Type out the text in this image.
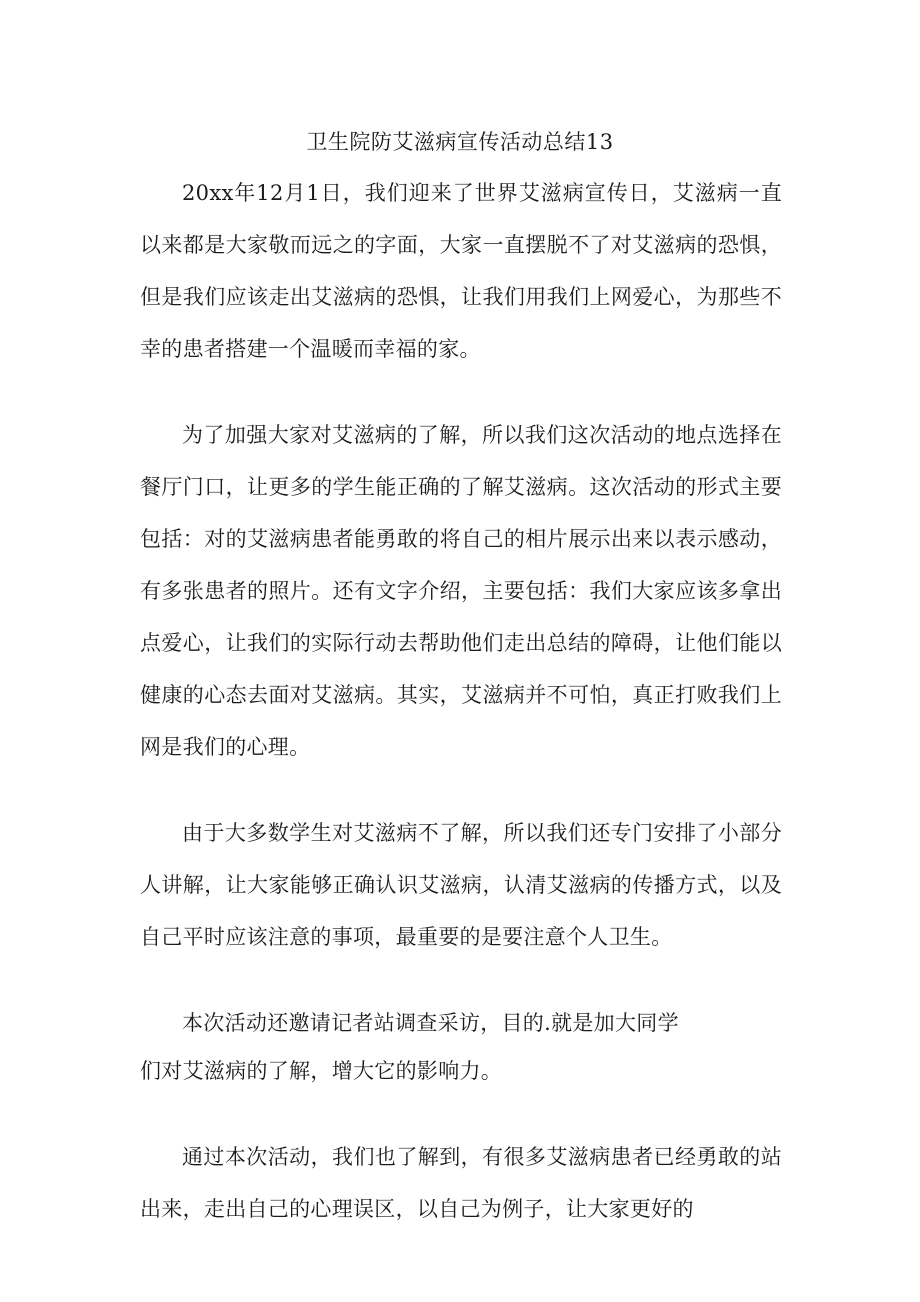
卫生院防艾滋病宣传活动总结13

20xx年12月1日，我们迎来了世界艾滋病宣传日，艾滋病一直以来都是大家敬而远之的字面，大家一直摆脱不了对艾滋病的恐惧，但是我们应该走出艾滋病的恐惧，让我们用我们上网爱心，为那些不幸的患者搭建一个温暖而幸福的家。

为了加强大家对艾滋病的了解，所以我们这次活动的地点选择在餐厅门口，让更多的学生能正确的了解艾滋病。这次活动的形式主要包括：对的艾滋病患者能勇敢的将自己的相片展示出来以表示感动，有多张患者的照片。还有文字介绍，主要包括：我们大家应该多拿出点爱心，让我们的实际行动去帮助他们走出总结的障碍，让他们能以健康的心态去面对艾滋病。其实，艾滋病并不可怕，真正打败我们上网是我们的心理。

由于大多数学生对艾滋病不了解，所以我们还专门安排了小部分人讲解，让大家能够正确认识艾滋病，认清艾滋病的传播方式，以及自己平时应该注意的事项，最重要的是要注意个人卫生。

本次活动还邀请记者站调查采访，目的.就是加大同学

们对艾滋病的了解，增大它的影响力。

通过本次活动，我们也了解到，有很多艾滋病患者已经勇敢的站出来，走出自己的心理误区，以自己为例子，让大家更好的
